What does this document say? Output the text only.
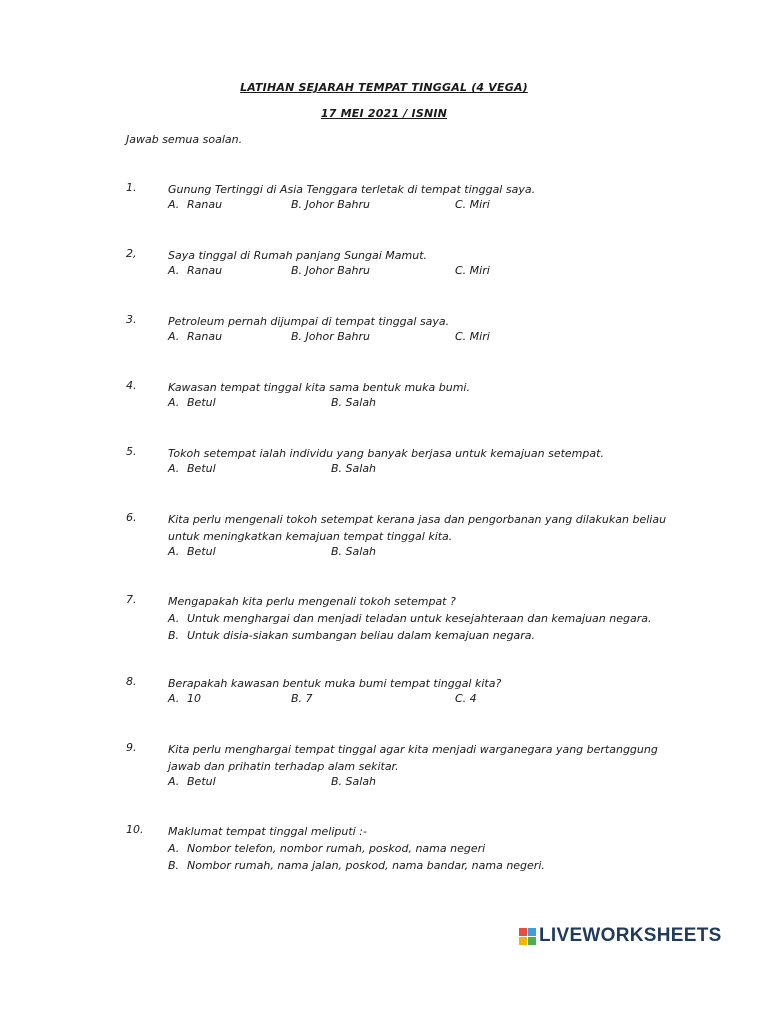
LATIHAN SEJARAH TEMPAT TINGGAL (4 VEGA)
17 MEI 2021 / ISNIN
Jawab semua soalan.
1.	Gunung Tertinggi di Asia Tenggara terletak di tempat tinggal saya.
A. Ranau	B. Johor Bahru	C. Miri
2,	Saya tinggal di Rumah panjang Sungai Mamut.
A. Ranau	B. Johor Bahru	C. Miri
3.	Petroleum pernah dijumpai di tempat tinggal saya.
A. Ranau	B. Johor Bahru	C. Miri
4.	Kawasan tempat tinggal kita sama bentuk muka bumi.
A. Betul	B. Salah
5.	Tokoh setempat ialah individu yang banyak berjasa untuk kemajuan setempat.
A. Betul	B. Salah
6.	Kita perlu mengenali tokoh setempat kerana jasa dan pengorbanan yang dilakukan beliau
untuk meningkatkan kemajuan tempat tinggal kita.
A. Betul	B. Salah
7.	Mengapakah kita perlu mengenali tokoh setempat ?
A. Untuk menghargai dan menjadi teladan untuk kesejahteraan dan kemajuan negara.
B. Untuk disia-siakan sumbangan beliau dalam kemajuan negara.
8.	Berapakah kawasan bentuk muka bumi tempat tinggal kita?
A. 10	B. 7	C. 4
9.	Kita perlu menghargai tempat tinggal agar kita menjadi warganegara yang bertanggung
jawab dan prihatin terhadap alam sekitar.
A. Betul	B. Salah
10. Maklumat tempat tinggal meliputi :-
A. Nombor telefon, nombor rumah, poskod, nama negeri
B. Nombor rumah, nama jalan, poskod, nama bandar, nama negeri.
LIVEWORKSHEETS
